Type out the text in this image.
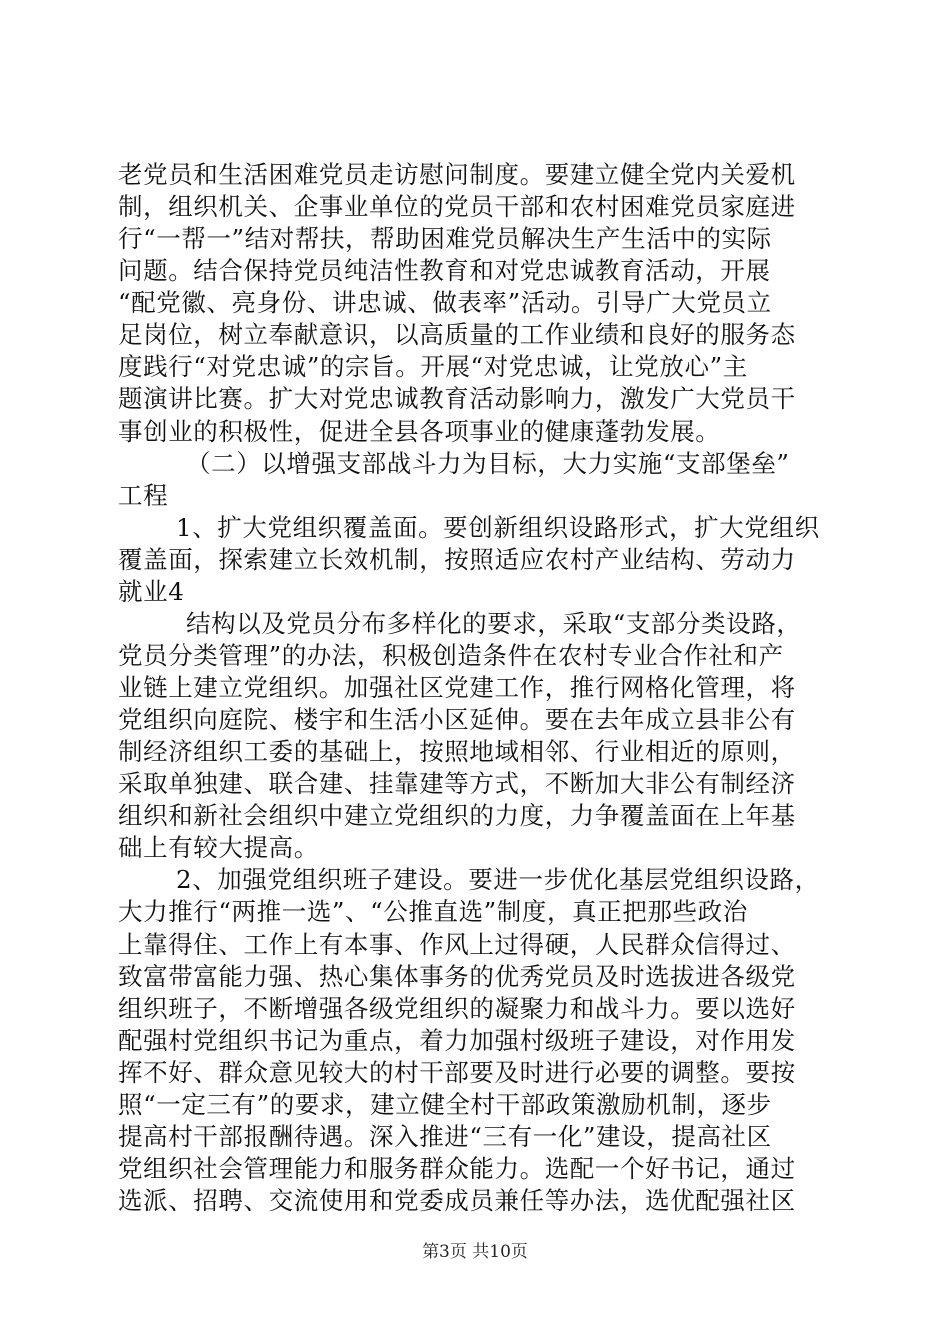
老党员和生活困难党员走访慰问制度。要建立健全党内关爱机
制，组织机关、企事业单位的党员干部和农村困难党员家庭进
行“一帮一”结对帮扶，帮助困难党员解决生产生活中的实际
问题。结合保持党员纯洁性教育和对党忠诚教育活动，开展
“配党徽、亮身份、讲忠诚、做表率”活动。引导广大党员立
足岗位，树立奉献意识，以高质量的工作业绩和良好的服务态
度践行“对党忠诚”的宗旨。开展“对党忠诚，让党放心”主
题演讲比赛。扩大对党忠诚教育活动影响力，激发广大党员干
事创业的积极性，促进全县各项事业的健康蓬勃发展。
（二）以增强支部战斗力为目标，大力实施“支部堡垒”
工程
1、扩大党组织覆盖面。要创新组织设路形式，扩大党组织
覆盖面，探索建立长效机制，按照适应农村产业结构、劳动力
就业4
结构以及党员分布多样化的要求，采取“支部分类设路，
党员分类管理”的办法，积极创造条件在农村专业合作社和产
业链上建立党组织。加强社区党建工作，推行网格化管理，将
党组织向庭院、楼宇和生活小区延伸。要在去年成立县非公有
制经济组织工委的基础上，按照地域相邻、行业相近的原则，
采取单独建、联合建、挂靠建等方式，不断加大非公有制经济
组织和新社会组织中建立党组织的力度，力争覆盖面在上年基
础上有较大提高。
2、加强党组织班子建设。要进一步优化基层党组织设路，
大力推行“两推一选”、“公推直选”制度，真正把那些政治
上靠得住、工作上有本事、作风上过得硬，人民群众信得过、
致富带富能力强、热心集体事务的优秀党员及时选拔进各级党
组织班子，不断增强各级党组织的凝聚力和战斗力。要以选好
配强村党组织书记为重点，着力加强村级班子建设，对作用发
挥不好、群众意见较大的村干部要及时进行必要的调整。要按
照“一定三有”的要求，建立健全村干部政策激励机制，逐步
提高村干部报酬待遇。深入推进“三有一化”建设，提高社区
党组织社会管理能力和服务群众能力。选配一个好书记，通过
选派、招聘、交流使用和党委成员兼任等办法，选优配强社区
第3页 共10页
